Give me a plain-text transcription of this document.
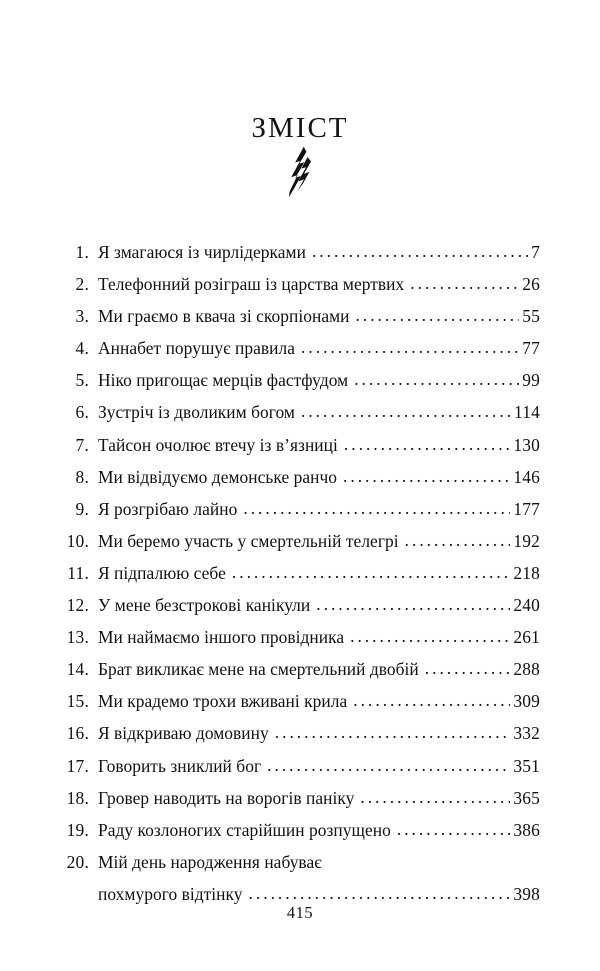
ЗМІСТ
1. Я змагаюся із чирлідерками .....	7
2. Телефонний розіграш із царства мертвих .....	26
3. Ми граємо в квача зі скорпіонами .....	55
4. Аннабет порушує правила .....	77
5. Ніко пригощає мерців фастфудом .....	99
6. Зустріч із дволиким богом .....	114
7. Тайсон очолює втечу із в’язниці .....	130
8. Ми відвідуємо демонське ранчо .....	146
9. Я розгрібаю лайно .....	177
10. Ми беремо участь у смертельній телегрі .....	192
11. Я підпалюю себе .....	218
12. У мене безстрокові канікули .....	240
13. Ми наймаємо іншого провідника .....	261
14. Брат викликає мене на смертельний двобій .....	288
15. Ми крадемо трохи вживані крила .....	309
16. Я відкриваю домовину .....	332
17. Говорить зниклий бог .....	351
18. Гровер наводить на ворогів паніку .....	365
19. Раду козлоногих старійшин розпущено .....	386
20. Мій день народження набуває
похмурого відтінку .....	398
415
